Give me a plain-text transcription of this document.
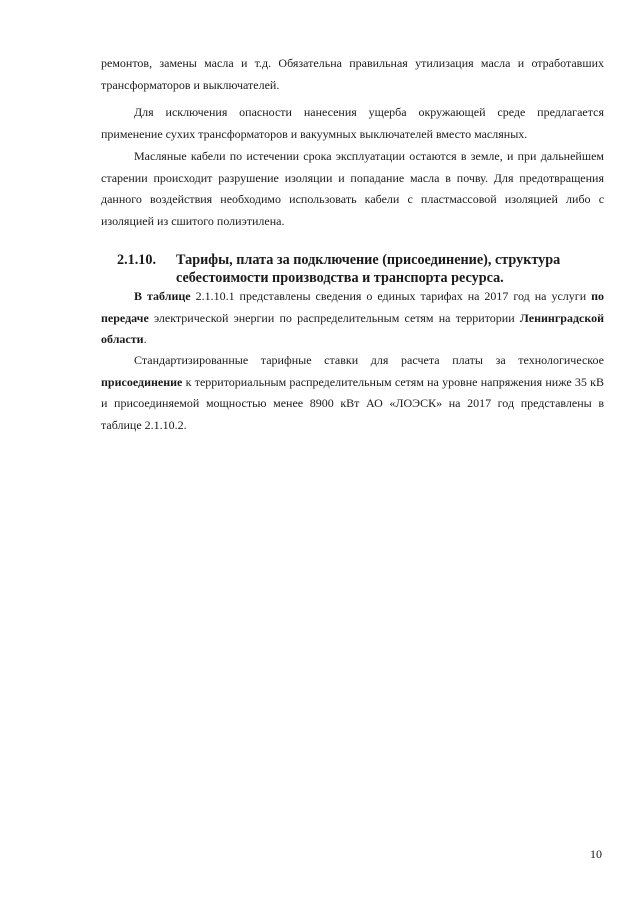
ремонтов, замены масла и т.д. Обязательна правильная утилизация масла и отработавших трансформаторов и выключателей.

Для исключения опасности нанесения ущерба окружающей среде предлагается применение сухих трансформаторов и вакуумных выключателей вместо масляных.

Масляные кабели по истечении срока эксплуатации остаются в земле, и при дальнейшем старении происходит разрушение изоляции и попадание масла в почву. Для предотвращения данного воздействия необходимо использовать кабели с пластмассовой изоляцией либо с изоляцией из сшитого полиэтилена.

2.1.10. Тарифы, плата за подключение (присоединение), структура
себестоимости производства и транспорта ресурса.

В таблице 2.1.10.1 представлены сведения о единых тарифах на 2017 год на услуги по передаче электрической энергии по распределительным сетям на территории Ленинградской области.

Стандартизированные тарифные ставки для расчета платы за технологическое присоединение к территориальным распределительным сетям на уровне напряжения ниже 35 кВ и присоединяемой мощностью менее 8900 кВт АО «ЛОЭСК» на 2017 год представлены в таблице 2.1.10.2.

10
